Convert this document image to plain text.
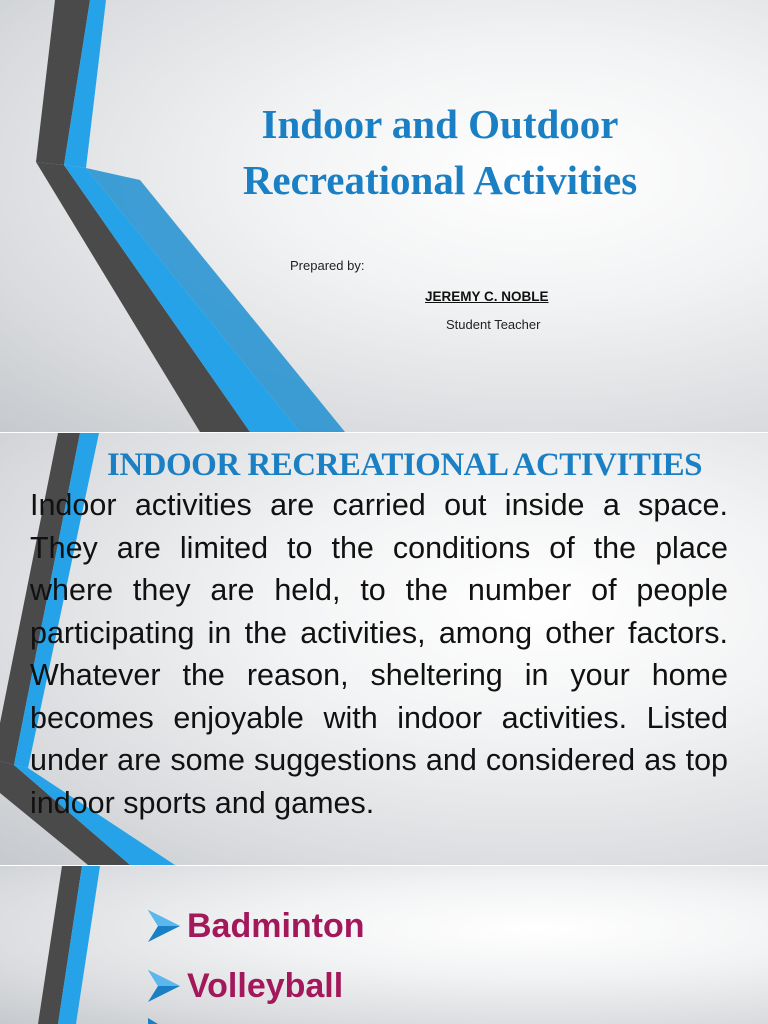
Indoor and Outdoor Recreational Activities
Prepared by:
JEREMY C. NOBLE
Student Teacher
INDOOR RECREATIONAL ACTIVITIES
Indoor activities are carried out inside a space. They are limited to the conditions of the place where they are held, to the number of people participating in the activities, among other factors. Whatever the reason, sheltering in your home becomes enjoyable with indoor activities. Listed under are some suggestions and considered as top indoor sports and games.
Badminton
Volleyball
